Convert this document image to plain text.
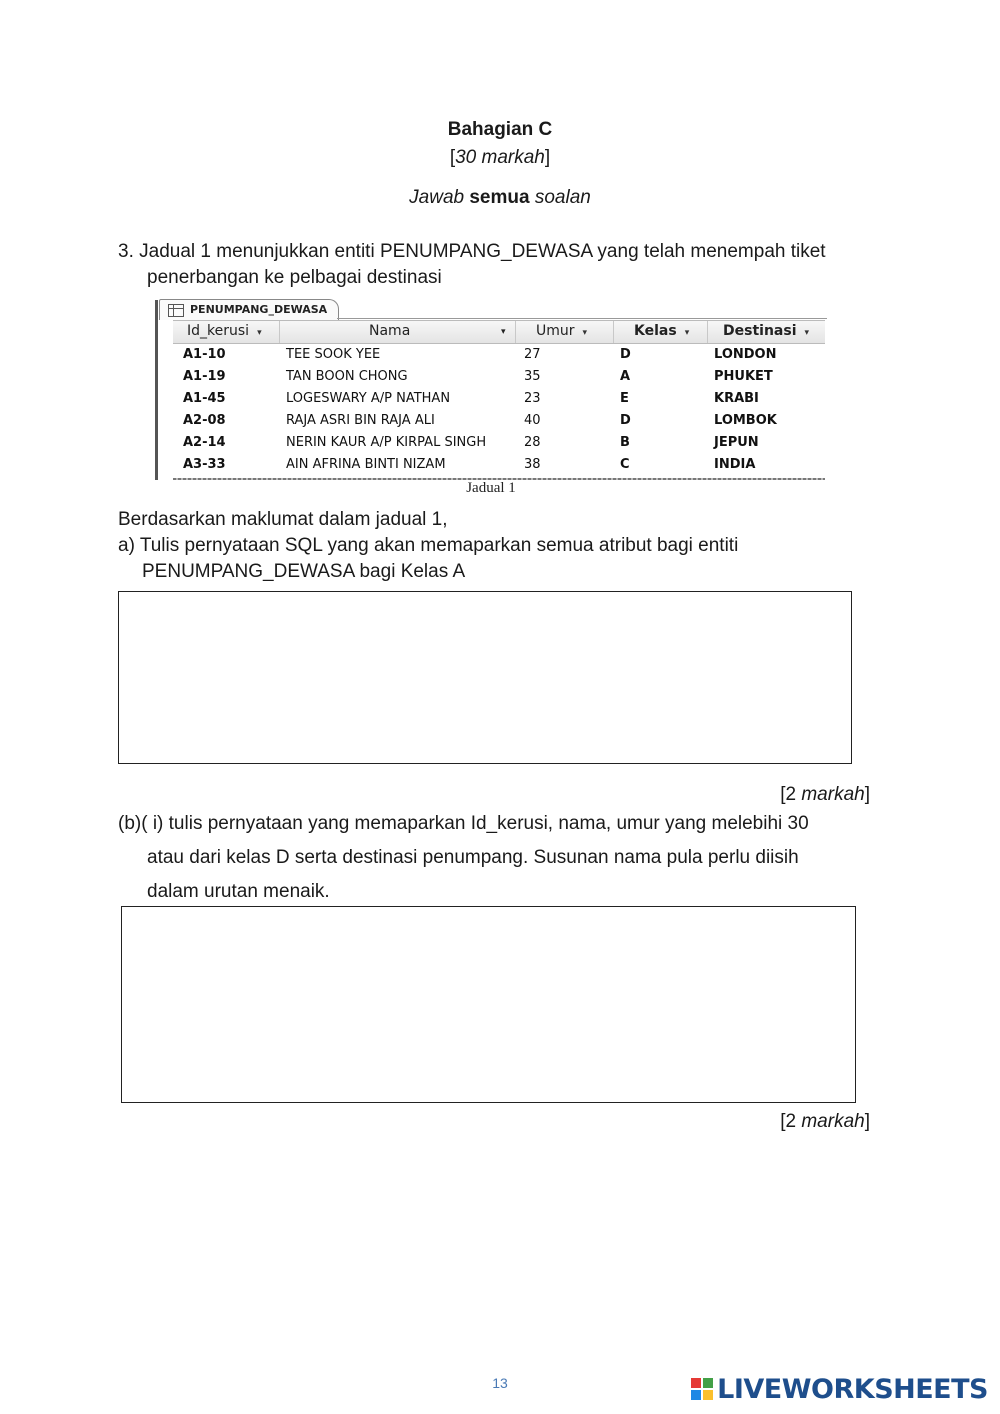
Bahagian C
[30 markah]
Jawab semua soalan
3. Jadual 1 menunjukkan entiti PENUMPANG_DEWASA yang telah menempah tiket
penerbangan ke pelbagai destinasi
PENUMPANG_DEWASA
Id_kerusi ▾	Nama	▾ Umur ▾	Kelas ▾ Destinasi ▾
A1-10	TEE SOOK YEE	27	D	LONDON
A1-19	TAN BOON CHONG	35	A	PHUKET
A1-45	LOGESWARY A/P NATHAN	23	E	KRABI
A2-08	RAJA ASRI BIN RAJA ALI	40	D	LOMBOK
A2-14	NERIN KAUR A/P KIRPAL SINGH	28	B	JEPUN
A3-33	AIN AFRINA BINTI NIZAM	38	C	INDIA
Jadual 1
Berdasarkan maklumat dalam jadual 1,
a) Tulis pernyataan SQL yang akan memaparkan semua atribut bagi entiti
PENUMPANG_DEWASA bagi Kelas A
[2 markah]
(b)( i) tulis pernyataan yang memaparkan Id_kerusi, nama, umur yang melebihi 30
atau dari kelas D serta destinasi penumpang. Susunan nama pula perlu diisih
dalam urutan menaik.
[2 markah]
13	LIVEWORKSHEETS
